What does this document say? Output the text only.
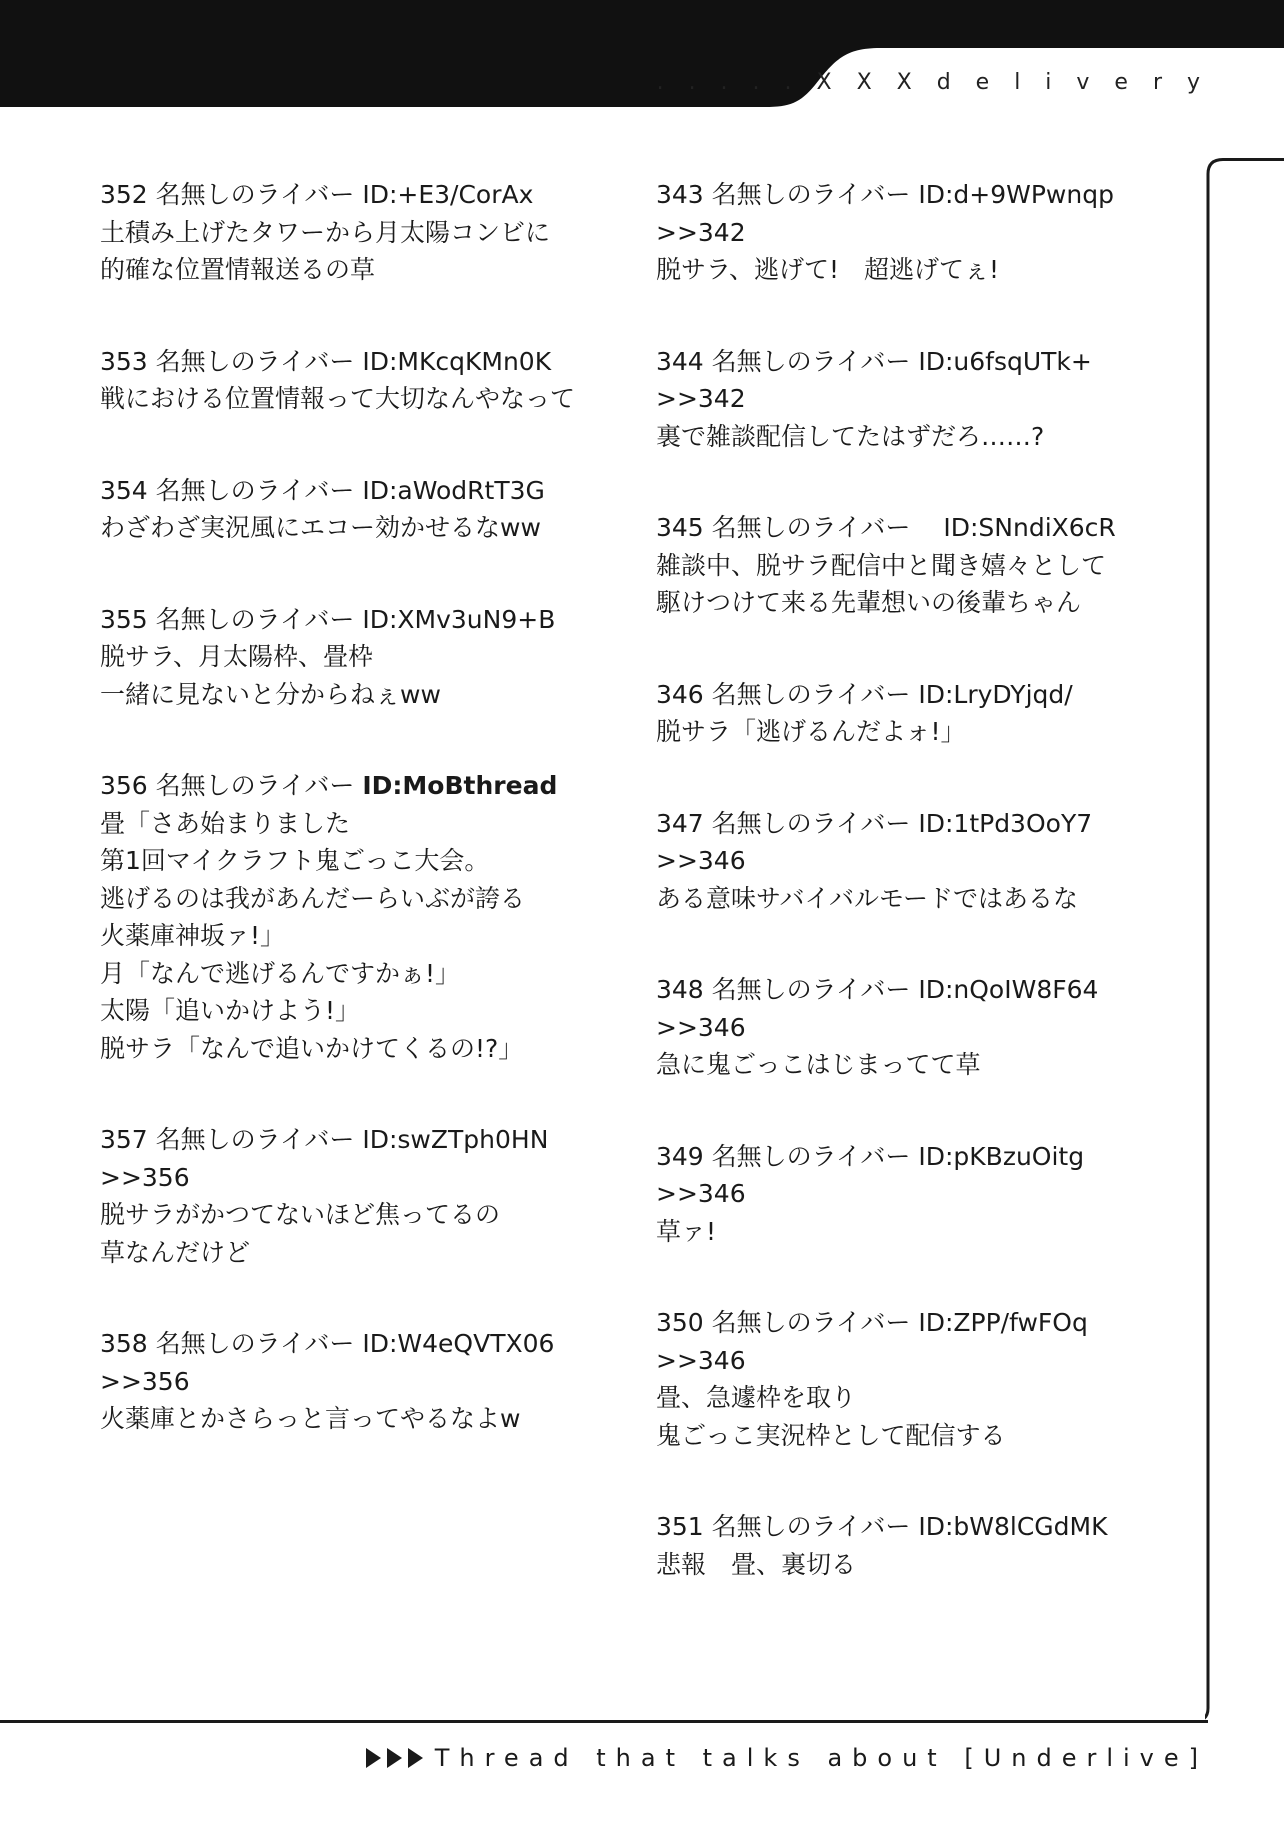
. . . . . X X X d e l i v e r y
352 名無しのライバー ID:+E3/CorAx
土積み上げたタワーから月太陽コンビに
的確な位置情報送るの草
353 名無しのライバー ID:MKcqKMn0K
戦における位置情報って大切なんやなって
354 名無しのライバー ID:aWodRtT3G
わざわざ実況風にエコー効かせるなww
355 名無しのライバー ID:XMv3uN9+B
脱サラ、月太陽枠、畳枠
一緒に見ないと分からねぇww
356 名無しのライバー ID:MoBthread
畳「さあ始まりました
第1回マイクラフト鬼ごっこ大会。
逃げるのは我があんだーらいぶが誇る
火薬庫神坂ァ!」
月「なんで逃げるんですかぁ!」
太陽「追いかけよう!」
脱サラ「なんで追いかけてくるの!?」
357 名無しのライバー ID:swZTph0HN
>>356
脱サラがかつてないほど焦ってるの
草なんだけど
358 名無しのライバー ID:W4eQVTX06
>>356
火薬庫とかさらっと言ってやるなよw
343 名無しのライバー ID:d+9WPwnqp
>>342
脱サラ、逃げて!　超逃げてぇ!
344 名無しのライバー ID:u6fsqUTk+
>>342
裏で雑談配信してたはずだろ……?
345 名無しのライバー　 ID:SNndiX6cR
雑談中、脱サラ配信中と聞き嬉々として
駆けつけて来る先輩想いの後輩ちゃん
346 名無しのライバー ID:LryDYjqd/
脱サラ「逃げるんだよォ!」
347 名無しのライバー ID:1tPd3OoY7
>>346
ある意味サバイバルモードではあるな
348 名無しのライバー ID:nQoIW8F64
>>346
急に鬼ごっこはじまってて草
349 名無しのライバー ID:pKBzuOitg
>>346
草ァ!
350 名無しのライバー ID:ZPP/fwFOq
>>346
畳、急遽枠を取り
鬼ごっこ実況枠として配信する
351 名無しのライバー ID:bW8lCGdMK
悲報　畳、裏切る
Thread that talks about [Underlive]
